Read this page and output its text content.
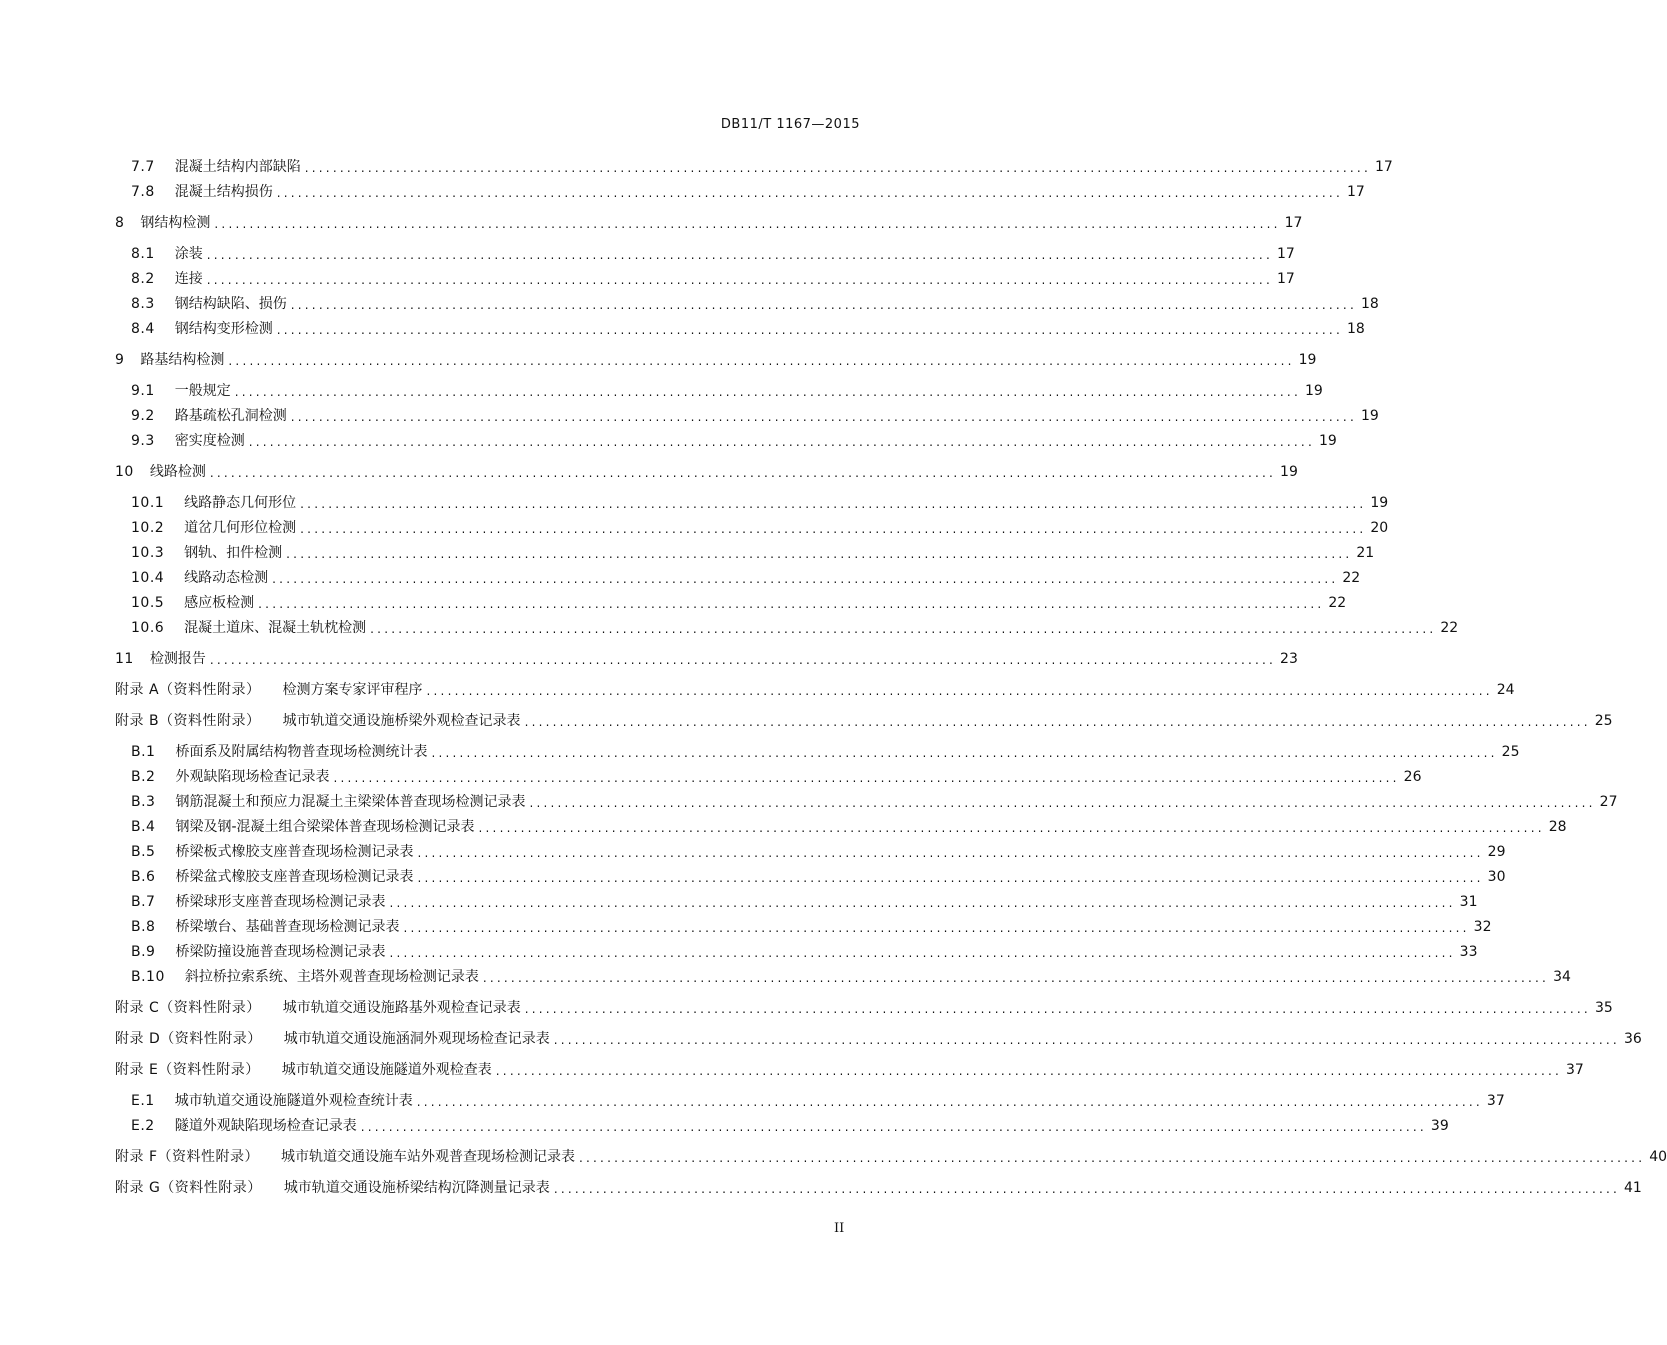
DB11/T 1167—2015
7.7 混凝土结构内部缺陷 ........................................................................................................................................................ 17
7.8 混凝土结构损伤 ........................................................................................................................................................ 17
8 钢结构检测 ........................................................................................................................................................ 17
8.1 涂装 ........................................................................................................................................................ 17
8.2 连接 ........................................................................................................................................................ 17
8.3 钢结构缺陷、损伤 ........................................................................................................................................................ 18
8.4 钢结构变形检测 ........................................................................................................................................................ 18
9 路基结构检测 ........................................................................................................................................................ 19
9.1 一般规定 ........................................................................................................................................................ 19
9.2 路基疏松孔洞检测 ........................................................................................................................................................ 19
9.3 密实度检测 ........................................................................................................................................................ 19
10 线路检测 ........................................................................................................................................................ 19
10.1 线路静态几何形位 ........................................................................................................................................................ 19
10.2 道岔几何形位检测 ........................................................................................................................................................ 20
10.3 钢轨、扣件检测 ........................................................................................................................................................ 21
10.4 线路动态检测 ........................................................................................................................................................ 22
10.5 感应板检测 ........................................................................................................................................................ 22
10.6 混凝土道床、混凝土轨枕检测 ........................................................................................................................................................ 22
11 检测报告 ........................................................................................................................................................ 23
附录 A（资料性附录） 检测方案专家评审程序 ........................................................................................................................................................ 24
附录 B（资料性附录） 城市轨道交通设施桥梁外观检查记录表 ........................................................................................................................................................ 25
B.1 桥面系及附属结构物普查现场检测统计表 ........................................................................................................................................................ 25
B.2 外观缺陷现场检查记录表 ........................................................................................................................................................ 26
B.3 钢筋混凝土和预应力混凝土主梁梁体普查现场检测记录表 ........................................................................................................................................................ 27
B.4 钢梁及钢-混凝土组合梁梁体普查现场检测记录表 ........................................................................................................................................................ 28
B.5 桥梁板式橡胶支座普查现场检测记录表 ........................................................................................................................................................ 29
B.6 桥梁盆式橡胶支座普查现场检测记录表 ........................................................................................................................................................ 30
B.7 桥梁球形支座普查现场检测记录表 ........................................................................................................................................................ 31
B.8 桥梁墩台、基础普查现场检测记录表 ........................................................................................................................................................ 32
B.9 桥梁防撞设施普查现场检测记录表 ........................................................................................................................................................ 33
B.10 斜拉桥拉索系统、主塔外观普查现场检测记录表 ........................................................................................................................................................ 34
附录 C（资料性附录） 城市轨道交通设施路基外观检查记录表 ........................................................................................................................................................ 35
附录 D（资料性附录） 城市轨道交通设施涵洞外观现场检查记录表 ........................................................................................................................................................ 36
附录 E（资料性附录） 城市轨道交通设施隧道外观检查表 ........................................................................................................................................................ 37
E.1 城市轨道交通设施隧道外观检查统计表 ........................................................................................................................................................ 37
E.2 隧道外观缺陷现场检查记录表 ........................................................................................................................................................ 39
附录 F（资料性附录） 城市轨道交通设施车站外观普查现场检测记录表 ........................................................................................................................................................ 40
附录 G（资料性附录） 城市轨道交通设施桥梁结构沉降测量记录表 ........................................................................................................................................................ 41
II
